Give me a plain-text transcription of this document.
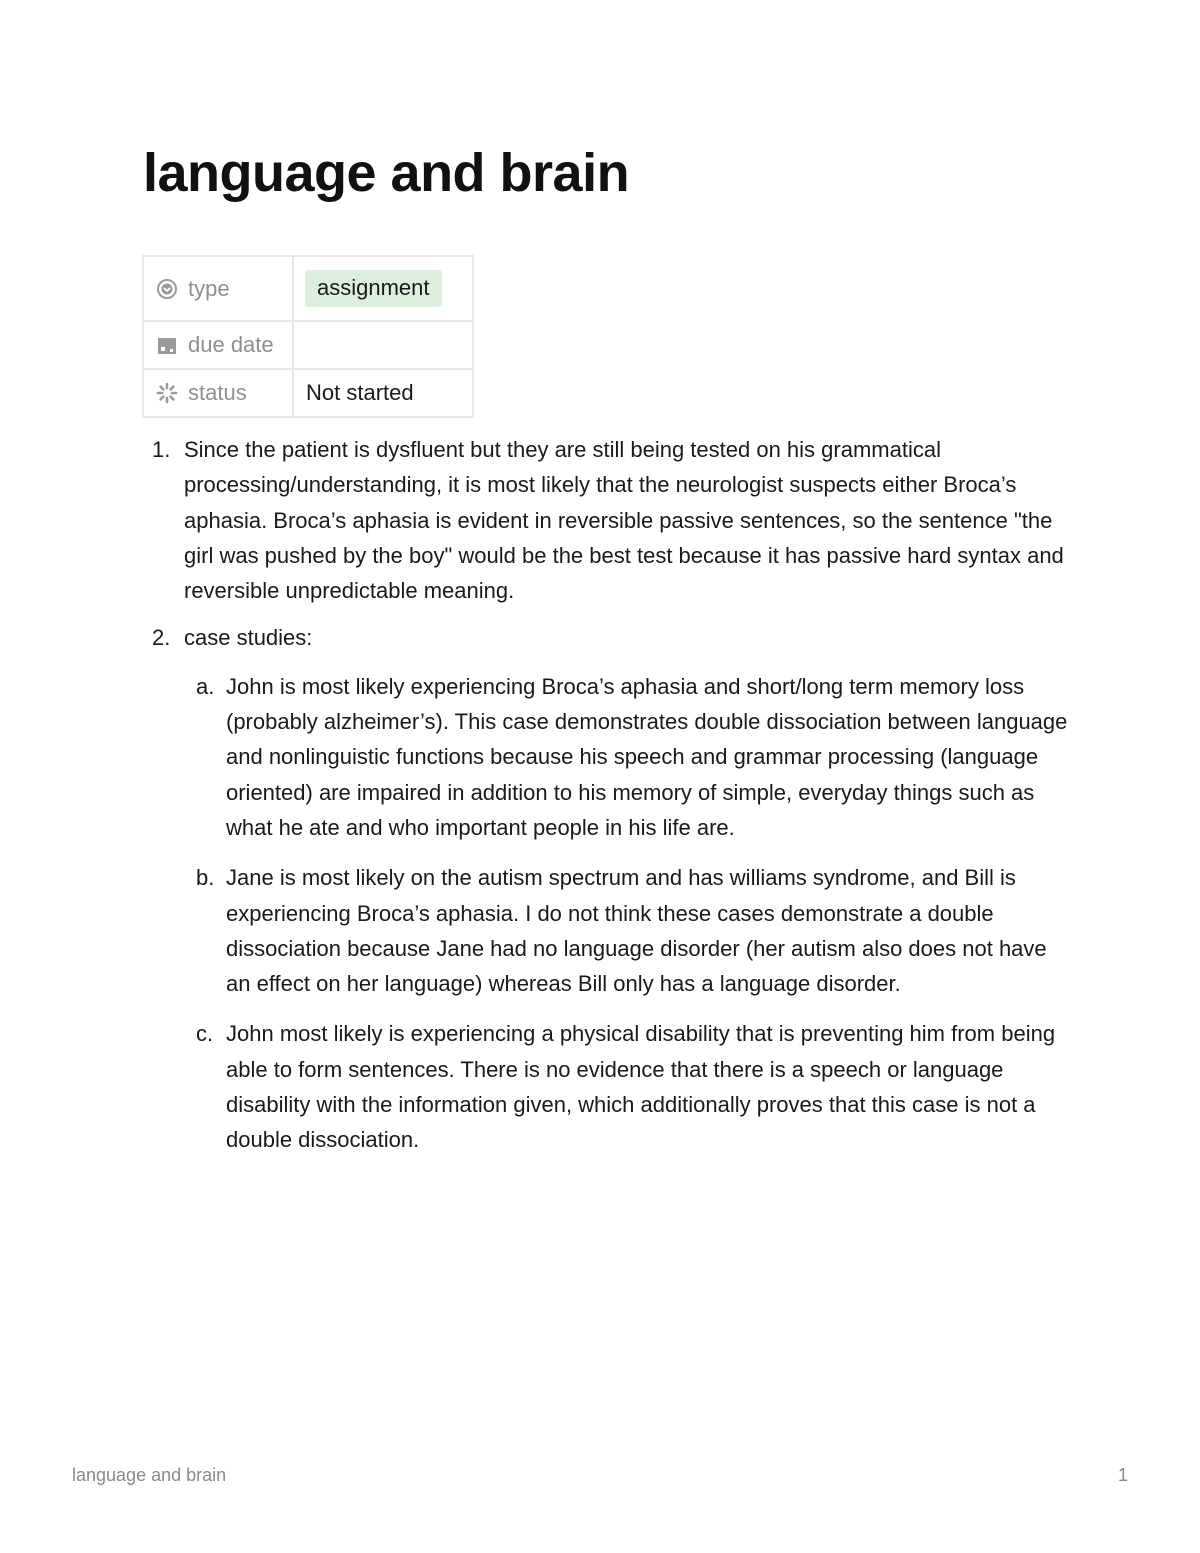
language and brain
type	assignment

due date	

status	Not started
1. Since the patient is dysfluent but they are still being tested on his grammatical processing/understanding, it is most likely that the neurologist suspects either Broca’s aphasia. Broca’s aphasia is evident in reversible passive sentences, so the sentence "the girl was pushed by the boy" would be the best test because it has passive hard syntax and reversible unpredictable meaning.
2. case studies:
a. John is most likely experiencing Broca’s aphasia and short/long term memory loss (probably alzheimer’s). This case demonstrates double dissociation between language and nonlinguistic functions because his speech and grammar processing (language oriented) are impaired in addition to his memory of simple, everyday things such as what he ate and who important people in his life are.
b. Jane is most likely on the autism spectrum and has williams syndrome, and Bill is experiencing Broca’s aphasia. I do not think these cases demonstrate a double dissociation because Jane had no language disorder (her autism also does not have an effect on her language) whereas Bill only has a language disorder.
c. John most likely is experiencing a physical disability that is preventing him from being able to form sentences. There is no evidence that there is a speech or language disability with the information given, which additionally proves that this case is not a double dissociation.
language and brain	1
